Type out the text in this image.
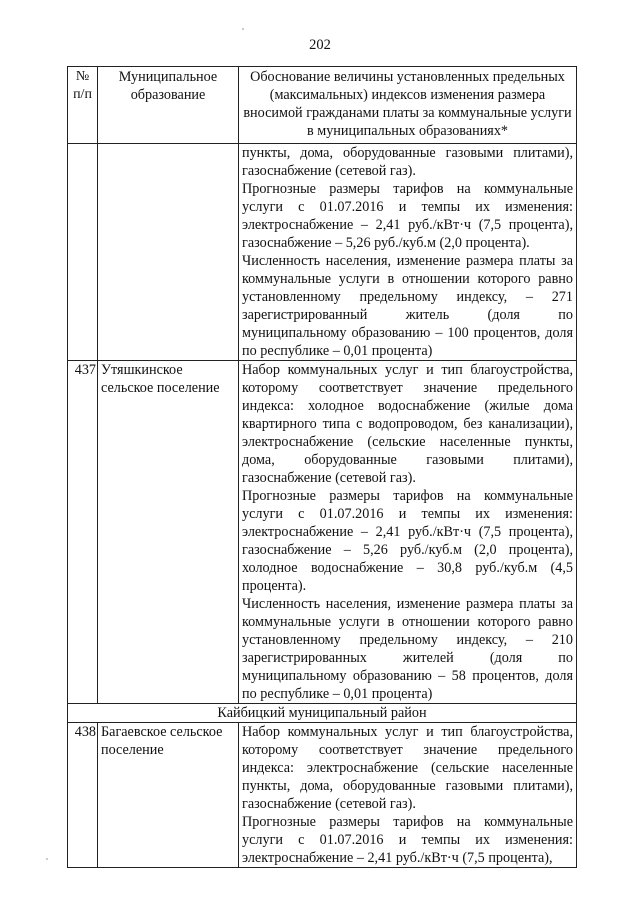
202
№ п/п	Муниципальное образование	Обоснование величины установленных предельных (максимальных) индексов изменения размера вносимой гражданами платы за коммунальные услуги в муниципальных образованиях*

		пункты, дома, оборудованные газовыми плитами), газоснабжение (сетевой газ).

Прогнозные размеры тарифов на коммунальные услуги с 01.07.2016 и темпы их изменения: электроснабжение – 2,41 руб./кВт·ч (7,5 процента), газоснабжение – 5,26 руб./куб.м (2,0 процента).

Численность населения, изменение размера платы за коммунальные услуги в отношении которого равно установленному предельному индексу, – 271 зарегистрированный житель (доля по муниципальному образованию – 100 процентов, доля по республике – 0,01 процента)

437	Утяшкинское сельское поселение	Набор коммунальных услуг и тип благоустройства, которому соответствует значение предельного индекса: холодное водоснабжение (жилые дома квартирного типа с водопроводом, без канализации), электроснабжение (сельские населенные пункты, дома, оборудованные газовыми плитами), газоснабжение (сетевой газ).

Прогнозные размеры тарифов на коммунальные услуги с 01.07.2016 и темпы их изменения: электроснабжение – 2,41 руб./кВт·ч (7,5 процента), газоснабжение – 5,26 руб./куб.м (2,0 процента), холодное водоснабжение – 30,8 руб./куб.м (4,5 процента).

Численность населения, изменение размера платы за коммунальные услуги в отношении которого равно установленному предельному индексу, – 210 зарегистрированных жителей (доля по муниципальному образованию – 58 процентов, доля по республике – 0,01 процента)

Кайбицкий муниципальный район		
438	Багаевское сельское поселение	Набор коммунальных услуг и тип благоустройства, которому соответствует значение предельного индекса: электроснабжение (сельские населенные пункты, дома, оборудованные газовыми плитами), газоснабжение (сетевой газ).

Прогнозные размеры тарифов на коммунальные услуги с 01.07.2016 и темпы их изменения: электроснабжение – 2,41 руб./кВт·ч (7,5 процента),
